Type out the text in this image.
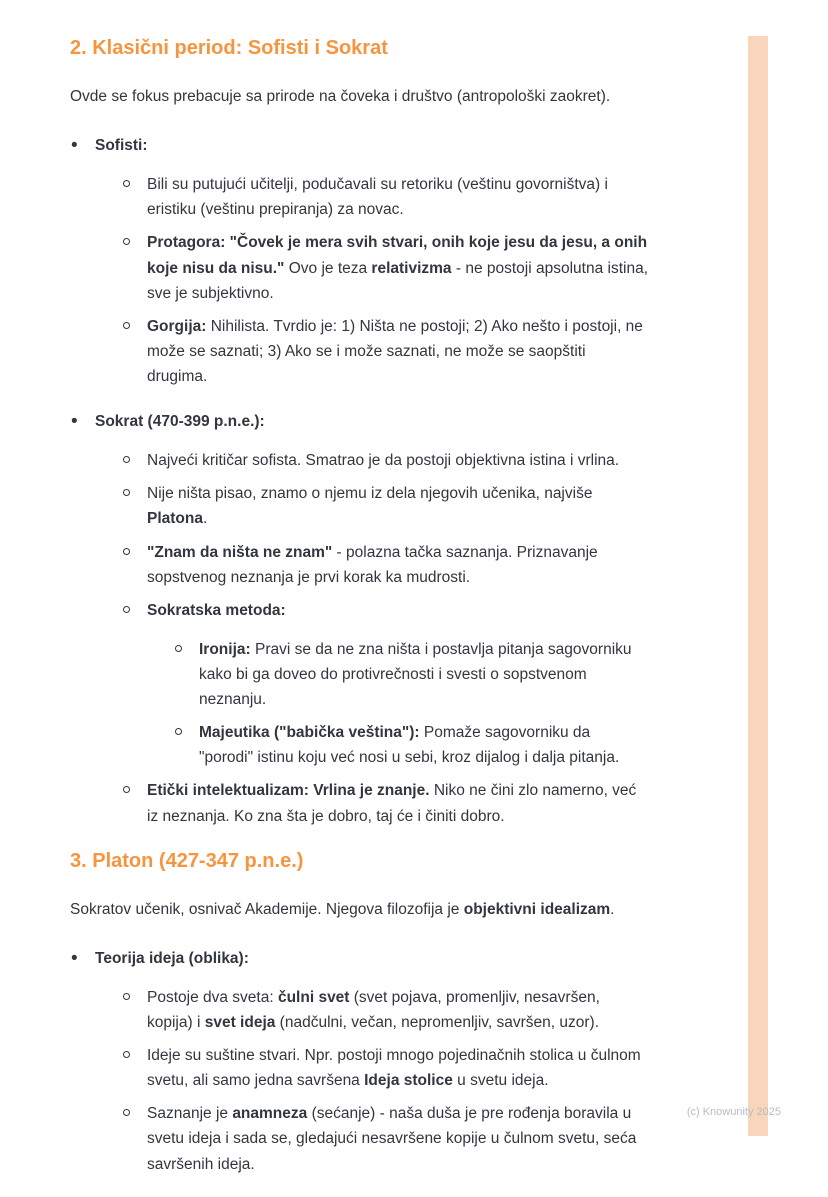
2. Klasični period: Sofisti i Sokrat

Ovde se fokus prebacuje sa prirode na čoveka i društvo (antropološki zaokret).

• Sofisti:
Bili su putujući učitelji, podučavali su retoriku (veštinu govorništva) i eristiku (veštinu prepiranja) za novac.
Protagora: "Čovek je mera svih stvari, onih koje jesu da jesu, a onih koje nisu da nisu." Ovo je teza relativizma - ne postoji apsolutna istina, sve je subjektivno.
Gorgija: Nihilista. Tvrdio je: 1) Ništa ne postoji; 2) Ako nešto i postoji, ne može se saznati; 3) Ako se i može saznati, ne može se saopštiti drugima.
• Sokrat (470-399 p.n.e.):
Najveći kritičar sofista. Smatrao je da postoji objektivna istina i vrlina.
Nije ništa pisao, znamo o njemu iz dela njegovih učenika, najviše Platona.
"Znam da ništa ne znam" - polazna tačka saznanja. Priznavanje sopstvenog neznanja je prvi korak ka mudrosti.
Sokratska metoda:
Ironija: Pravi se da ne zna ništa i postavlja pitanja sagovorniku kako bi ga doveo do protivrečnosti i svesti o sopstvenom neznanju.
Majeutika ("babička veština"): Pomaže sagovorniku da "porodi" istinu koju već nosi u sebi, kroz dijalog i dalja pitanja.
Etički intelektualizam: Vrlina je znanje. Niko ne čini zlo namerno, već iz neznanja. Ko zna šta je dobro, taj će i činiti dobro.
3. Platon (427-347 p.n.e.)

Sokratov učenik, osnivač Akademije. Njegova filozofija je objektivni idealizam.

• Teorija ideja (oblika):
Postoje dva sveta: čulni svet (svet pojava, promenljiv, nesavršen, kopija) i svet ideja (nadčulni, večan, nepromenljiv, savršen, uzor).
Ideje su suštine stvari. Npr. postoji mnogo pojedinačnih stolica u čulnom svetu, ali samo jedna savršena Ideja stolice u svetu ideja.
Saznanje je anamneza (sećanje) - naša duša je pre rođenja boravila u svetu ideja i sada se, gledajući nesavršene kopije u čulnom svetu, seća savršenih ideja.
(c) Knowunity 2025
